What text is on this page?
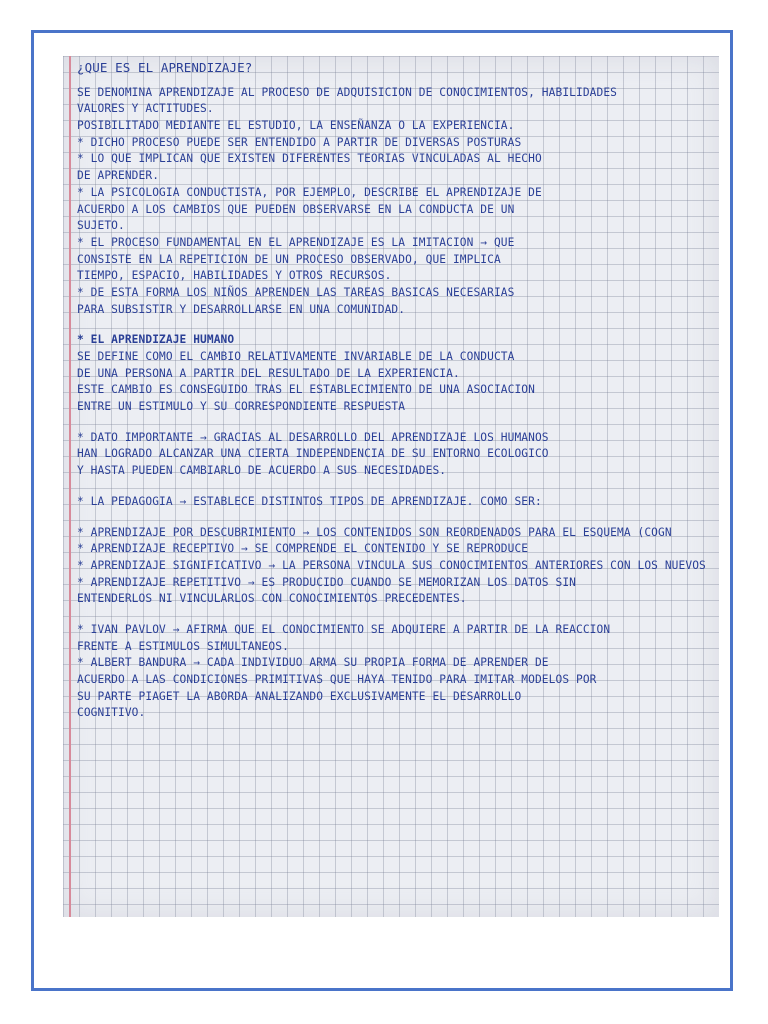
¿QUE ES EL APRENDIZAJE?
SE DENOMINA APRENDIZAJE AL PROCESO DE ADQUISICION DE CONOCIMIENTOS, HABILIDADES
VALORES Y ACTITUDES.
POSIBILITADO MEDIANTE EL ESTUDIO, LA ENSEÑANZA O LA EXPERIENCIA.
* DICHO PROCESO PUEDE SER ENTENDIDO A PARTIR DE DIVERSAS POSTURAS
* LO QUE IMPLICAN QUE EXISTEN DIFERENTES TEORIAS VINCULADAS AL HECHO
DE APRENDER.
* LA PSICOLOGIA CONDUCTISTA, POR EJEMPLO, DESCRIBE EL APRENDIZAJE DE
ACUERDO A LOS CAMBIOS QUE PUEDEN OBSERVARSE EN LA CONDUCTA DE UN
SUJETO.
* EL PROCESO FUNDAMENTAL EN EL APRENDIZAJE ES LA IMITACION → QUE
CONSISTE EN LA REPETICION DE UN PROCESO OBSERVADO, QUE IMPLICA
TIEMPO, ESPACIO, HABILIDADES Y OTROS RECURSOS.
* DE ESTA FORMA LOS NIÑOS APRENDEN LAS TAREAS BASICAS NECESARIAS
PARA SUBSISTIR Y DESARROLLARSE EN UNA COMUNIDAD.
* EL APRENDIZAJE HUMANO
SE DEFINE COMO EL CAMBIO RELATIVAMENTE INVARIABLE DE LA CONDUCTA
DE UNA PERSONA A PARTIR DEL RESULTADO DE LA EXPERIENCIA.
ESTE CAMBIO ES CONSEGUIDO TRAS EL ESTABLECIMIENTO DE UNA ASOCIACION
ENTRE UN ESTIMULO Y SU CORRESPONDIENTE RESPUESTA
* DATO IMPORTANTE → GRACIAS AL DESARROLLO DEL APRENDIZAJE LOS HUMANOS
HAN LOGRADO ALCANZAR UNA CIERTA INDEPENDENCIA DE SU ENTORNO ECOLOGICO
Y HASTA PUEDEN CAMBIARLO DE ACUERDO A SUS NECESIDADES.
* LA PEDAGOGIA → ESTABLECE DISTINTOS TIPOS DE APRENDIZAJE. COMO SER:
* APRENDIZAJE POR DESCUBRIMIENTO → LOS CONTENIDOS SON REORDENADOS PARA EL ESQUEMA (COGN
* APRENDIZAJE RECEPTIVO → SE COMPRENDE EL CONTENIDO Y SE REPRODUCE
* APRENDIZAJE SIGNIFICATIVO → LA PERSONA VINCULA SUS CONOCIMIENTOS ANTERIORES CON LOS NUEVOS
* APRENDIZAJE REPETITIVO → ES PRODUCIDO CUANDO SE MEMORIZAN LOS DATOS SIN
ENTENDERLOS NI VINCULARLOS CON CONOCIMIENTOS PRECEDENTES.
* IVAN PAVLOV → AFIRMA QUE EL CONOCIMIENTO SE ADQUIERE A PARTIR DE LA REACCION
FRENTE A ESTIMULOS SIMULTANEOS.
* ALBERT BANDURA → CADA INDIVIDUO ARMA SU PROPIA FORMA DE APRENDER DE
ACUERDO A LAS CONDICIONES PRIMITIVAS QUE HAYA TENIDO PARA IMITAR MODELOS POR
SU PARTE PIAGET LA ABORDA ANALIZANDO EXCLUSIVAMENTE EL DESARROLLO
COGNITIVO.
